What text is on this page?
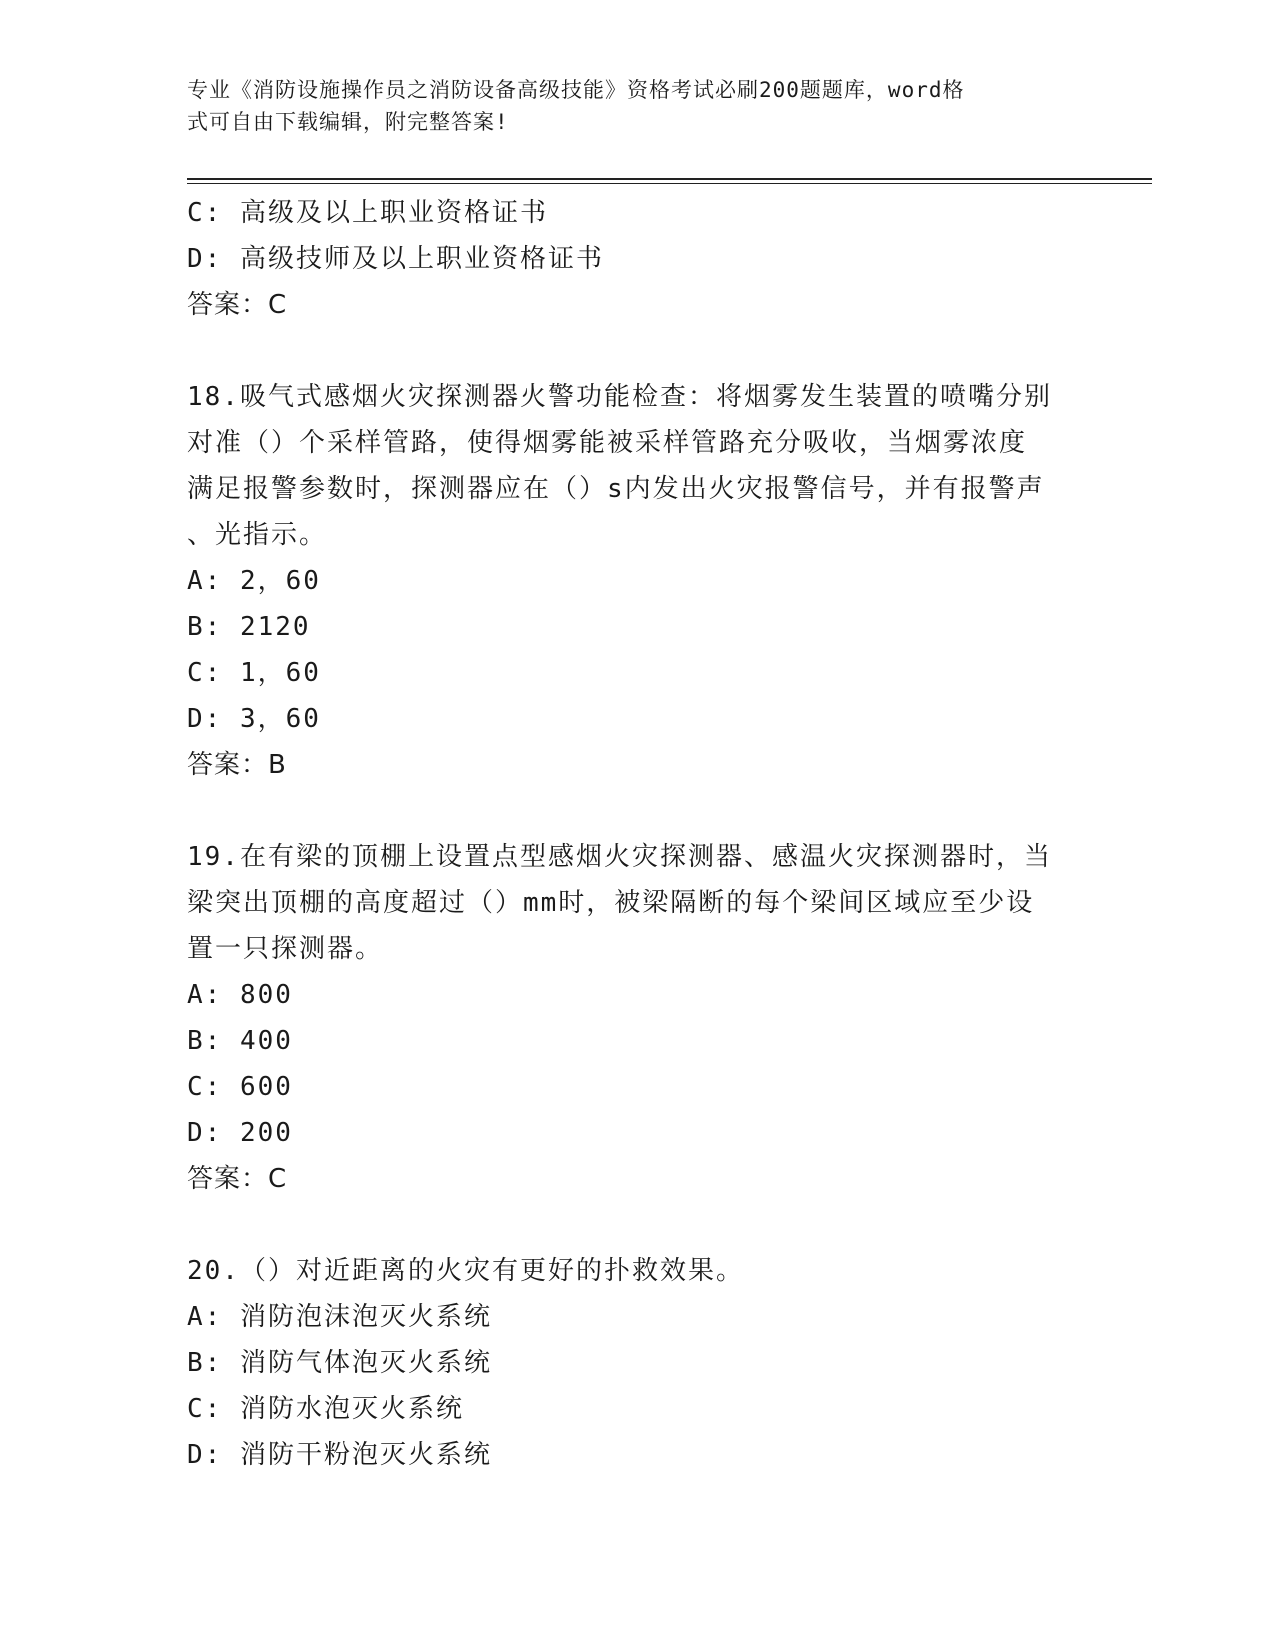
专业《消防设施操作员之消防设备高级技能》资格考试必刷200题题库，word格
式可自由下载编辑，附完整答案!
C: 高级及以上职业资格证书
D: 高级技师及以上职业资格证书
答案：C
18.吸气式感烟火灾探测器火警功能检查：将烟雾发生装置的喷嘴分别
对准（）个采样管路，使得烟雾能被采样管路充分吸收，当烟雾浓度
满足报警参数时，探测器应在（）s内发出火灾报警信号，并有报警声
、光指示。
A: 2，60
B: 2120
C: 1，60
D: 3，60
答案：B
19.在有梁的顶棚上设置点型感烟火灾探测器、感温火灾探测器时，当
梁突出顶棚的高度超过（）mm时，被梁隔断的每个梁间区域应至少设
置一只探测器。
A: 800
B: 400
C: 600
D: 200
答案：C
20.（）对近距离的火灾有更好的扑救效果。
A: 消防泡沫泡灭火系统
B: 消防气体泡灭火系统
C: 消防水泡灭火系统
D: 消防干粉泡灭火系统
